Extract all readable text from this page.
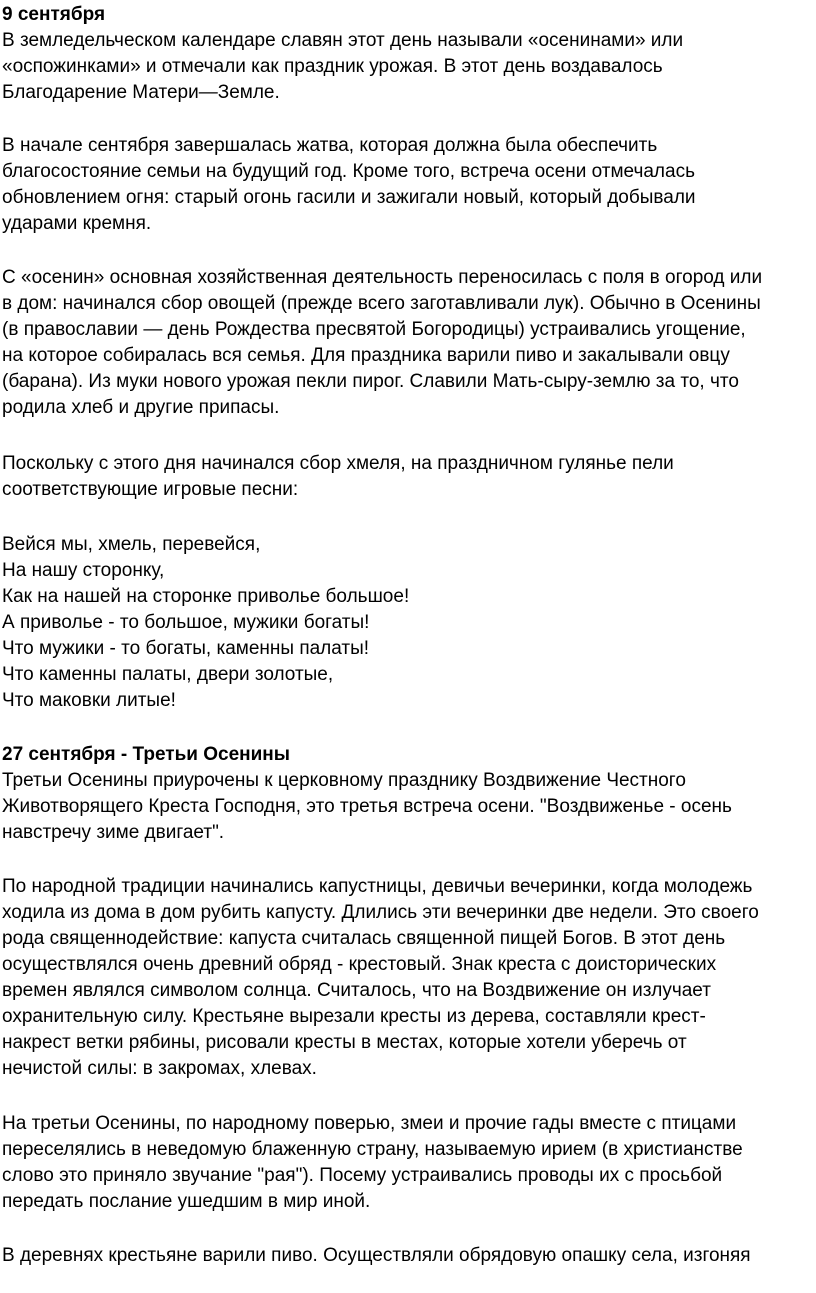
9 сентября
В земледельческом календаре славян этот день называли «осенинами» или
«оспожинками» и отмечали как праздник урожая. В этот день воздавалось
Благодарение Матери—Земле.
В начале сентября завершалась жатва, которая должна была обеспечить
благосостояние семьи на будущий год. Кроме того, встреча осени отмечалась
обновлением огня: старый огонь гасили и зажигали новый, который добывали
ударами кремня.
С «осенин» основная хозяйственная деятельность переносилась с поля в огород или
в дом: начинался сбор овощей (прежде всего заготавливали лук). Обычно в Осенины
(в православии — день Рождества пресвятой Богородицы) устраивались угощение,
на которое собиралась вся семья. Для праздника варили пиво и закалывали овцу
(барана). Из муки нового урожая пекли пирог. Славили Мать-сыру-землю за то, что
родила хлеб и другие припасы.
Поскольку с этого дня начинался сбор хмеля, на праздничном гулянье пели
соответствующие игровые песни:
Вейся мы, хмель, перевейся,
На нашу сторонку,
Как на нашей на сторонке приволье большое!
А приволье - то большое, мужики богаты!
Что мужики - то богаты, каменны палаты!
Что каменны палаты, двери золотые,
Что маковки литые!
27 сентября - Третьи Осенины
Третьи Осенины приурочены к церковному празднику Воздвижение Честного
Животворящего Креста Господня, это третья встреча осени. "Воздвиженье - осень
навстречу зиме двигает".
По народной традиции начинались капустницы, девичьи вечеринки, когда молодежь
ходила из дома в дом рубить капусту. Длились эти вечеринки две недели. Это своего
рода священнодействие: капуста считалась священной пищей Богов. В этот день
осуществлялся очень древний обряд - крестовый. Знак креста с доисторических
времен являлся символом солнца. Считалось, что на Воздвижение он излучает
охранительную силу. Крестьяне вырезали кресты из дерева, составляли крест-
накрест ветки рябины, рисовали кресты в местах, которые хотели уберечь от
нечистой силы: в закромах, хлевах.
На третьи Осенины, по народному поверью, змеи и прочие гады вместе с птицами
переселялись в неведомую блаженную страну, называемую ирием (в христианстве
слово это приняло звучание "рая"). Посему устраивались проводы их с просьбой
передать послание ушедшим в мир иной.
В деревнях крестьяне варили пиво. Осуществляли обрядовую опашку села, изгоняя
